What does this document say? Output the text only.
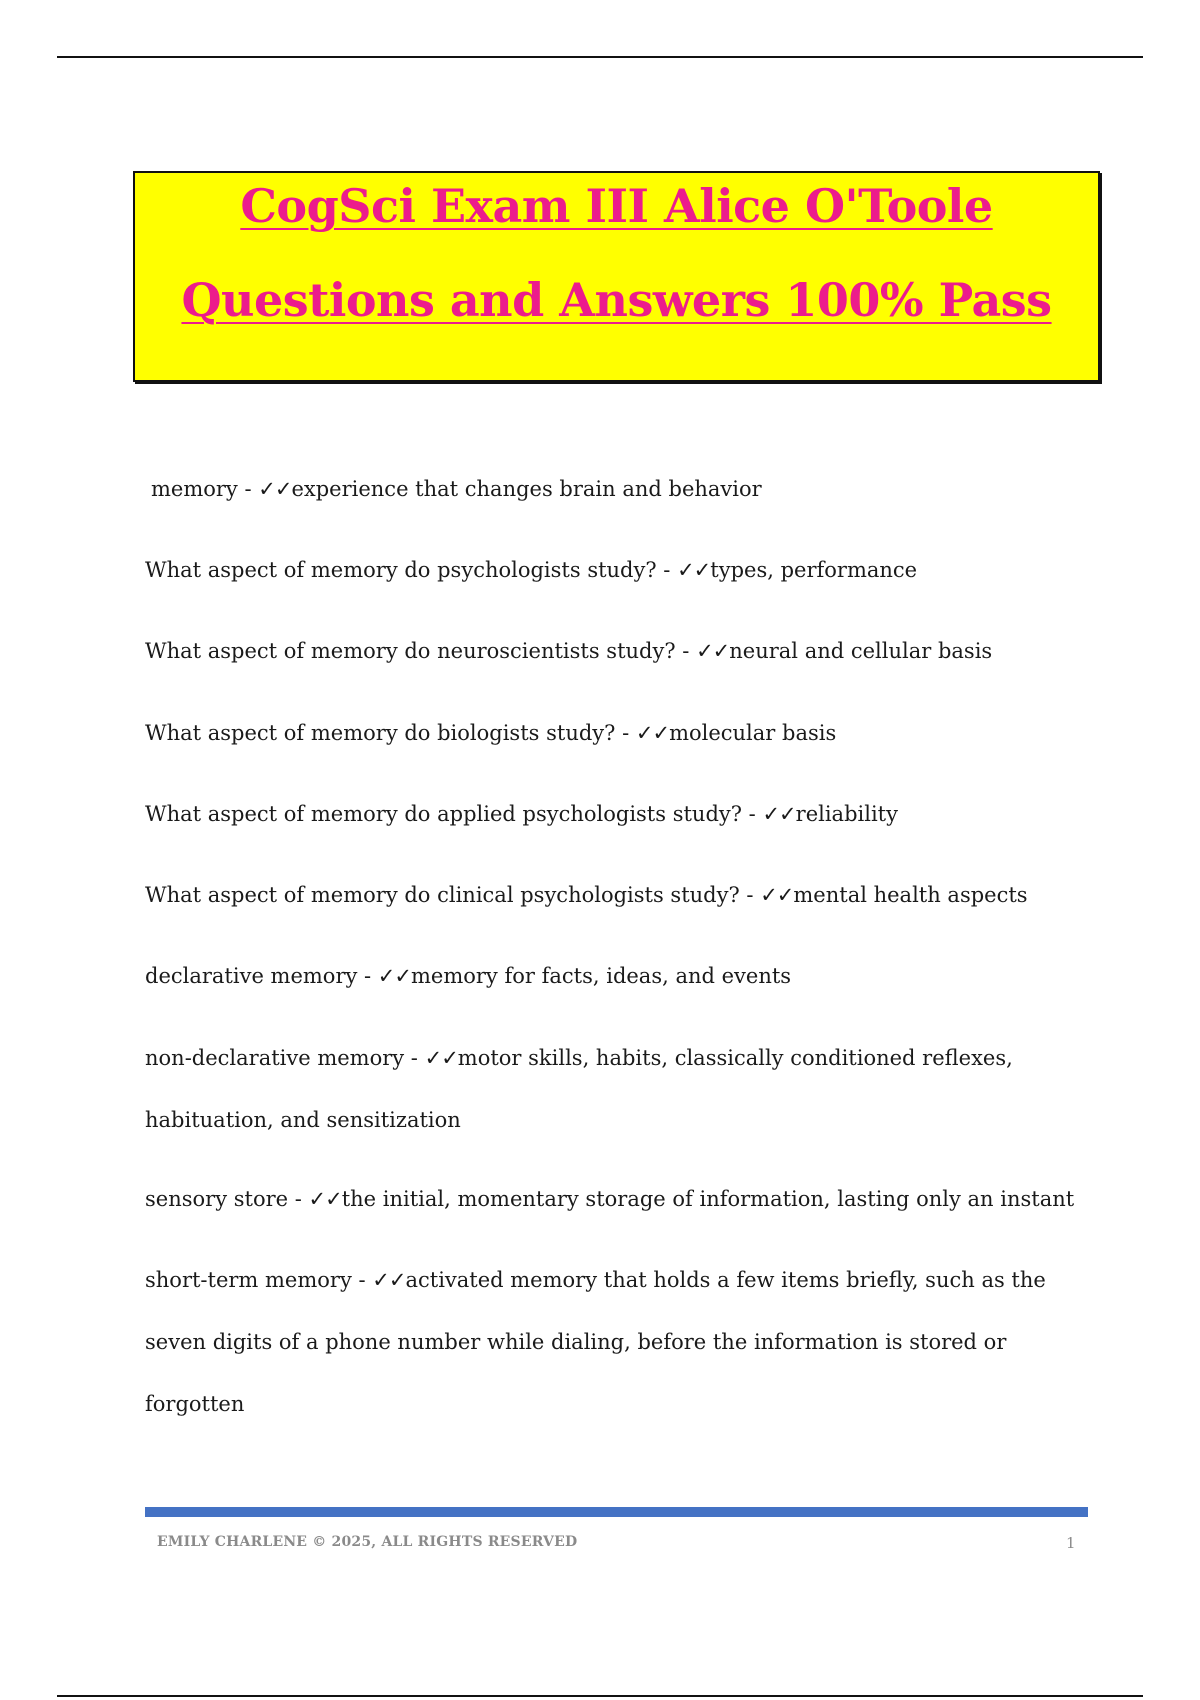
CogSci Exam III Alice O'Toole
Questions and Answers 100% Pass
memory - ✓✓experience that changes brain and behavior
What aspect of memory do psychologists study? - ✓✓types, performance
What aspect of memory do neuroscientists study? - ✓✓neural and cellular basis
What aspect of memory do biologists study? - ✓✓molecular basis
What aspect of memory do applied psychologists study? - ✓✓reliability
What aspect of memory do clinical psychologists study? - ✓✓mental health aspects
declarative memory - ✓✓memory for facts, ideas, and events
non-declarative memory - ✓✓motor skills, habits, classically conditioned reflexes, habituation, and sensitization
sensory store - ✓✓the initial, momentary storage of information, lasting only an instant
short-term memory - ✓✓activated memory that holds a few items briefly, such as the seven digits of a phone number while dialing, before the information is stored or forgotten
EMILY CHARLENE © 2025, ALL RIGHTS RESERVED	1
